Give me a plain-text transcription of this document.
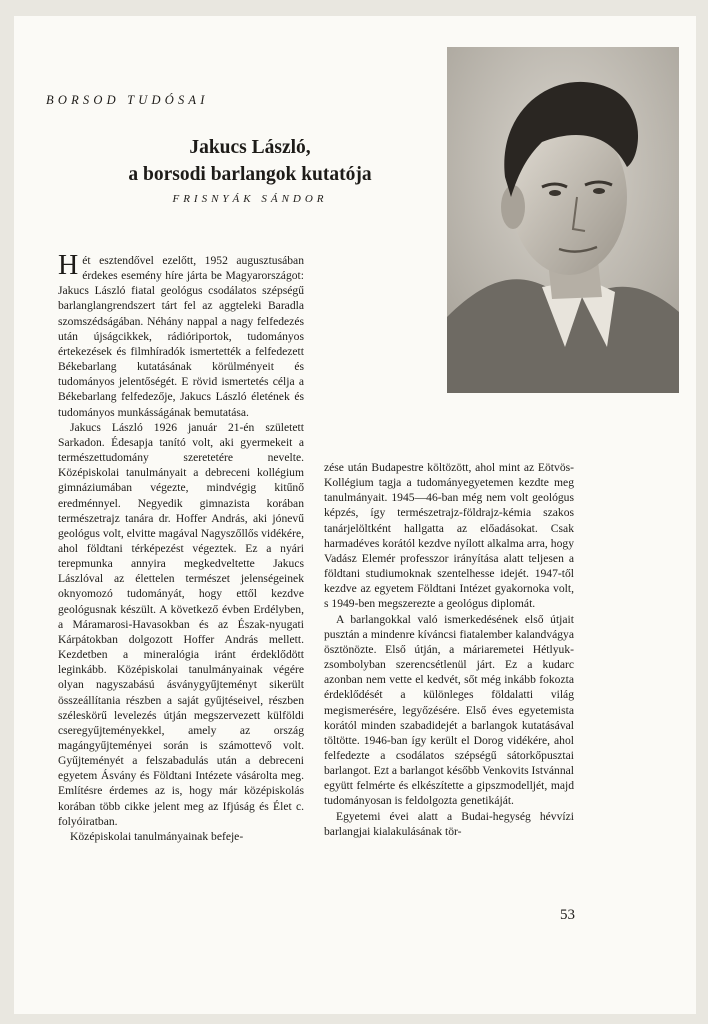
BORSOD TUDÓSAI
Jakucs László,
a borsodi barlangok kutatója
FRISNYÁK SÁNDOR

Hét esztendővel ezelőtt, 1952 augusztusában érdekes esemény híre járta be Magyarországot: Jakucs László fiatal geológus csodálatos szépségű barlanglangrendszert tárt fel az aggteleki Baradla szomszédságában. Néhány nappal a nagy felfedezés után újságcikkek, rádióriportok, tudományos értekezések és filmhíradók ismertették a felfedezett Békebarlang kutatásának körülményeit és tudományos jelentőségét. E rövid ismertetés célja a Békebarlang felfedezője, Jakucs László életének és tudományos munkásságának bemutatása.

Jakucs László 1926 január 21-én született Sarkadon. Édesapja tanító volt, aki gyermekeit a természettudomány szeretetére nevelte. Középiskolai tanulmányait a debreceni kollégium gimnáziumában végezte, mindvégig kitűnő eredménnyel. Negyedik gimnazista korában természetrajz tanára dr. Hoffer András, aki jónevű geológus volt, elvitte magával Nagyszőllős vidékére, ahol földtani térképezést végeztek. Ez a nyári terepmunka annyira megkedveltette Jakucs Lászlóval az élettelen természet jelenségeinek oknyomozó tudományát, hogy ettől kezdve geológusnak készült. A következő évben Erdélyben, a Máramarosi-Havasokban és az Észak-nyugati Kárpátokban dolgozott Hoffer András mellett. Kezdetben a mineralógia iránt érdeklődött leginkább. Középiskolai tanulmányainak végére olyan nagyszabású ásványgyűjteményt sikerült összeállítania részben a saját gyűjtéseivel, részben széleskörű levelezés útján megszervezett külföldi cseregyűjteményekkel, amely az ország magángyűjteményei során is számottevő volt. Gyűjteményét a felszabadulás után a debreceni egyetem Ásvány és Földtani Intézete vásárolta meg. Említésre érdemes az is, hogy már középiskolás korában több cikke jelent meg az Ifjúság és Élet c. folyóiratban.

Középiskolai tanulmányainak befeje-

zése után Budapestre költözött, ahol mint az Eötvös-Kollégium tagja a tudományegyetemen kezdte meg tanulmányait. 1945—46-ban még nem volt geológus képzés, így természetrajz-földrajz-kémia szakos tanárjelöltként hallgatta az előadásokat. Csak harmadéves korától kezdve nyílott alkalma arra, hogy Vadász Elemér professzor irányítása alatt teljesen a földtani studiumoknak szentelhesse idejét. 1947-től kezdve az egyetem Földtani Intézet gyakornoka volt, s 1949-ben megszerezte a geológus diplomát.

A barlangokkal való ismerkedésének első útjait pusztán a mindenre kíváncsi fiatalember kalandvágya ösztönözte. Első útján, a máriaremetei Hétlyuk-zsombolyban szerencsétlenül járt. Ez a kudarc azonban nem vette el kedvét, sőt még inkább fokozta érdeklődését a különleges földalatti világ megismerésére, legyőzésére. Első éves egyetemista korától minden szabadidejét a barlangok kutatásával töltötte. 1946-ban így került el Dorog vidékére, ahol felfedezte a csodálatos szépségű sátorkőpusztai barlangot. Ezt a barlangot később Venkovits Istvánnal együtt felmérte és elkészítette a gipszmodelljét, majd tudományosan is feldolgozta genetikáját.

Egyetemi évei alatt a Budai-hegység hévvízi barlangjai kialakulásának tör-

53
